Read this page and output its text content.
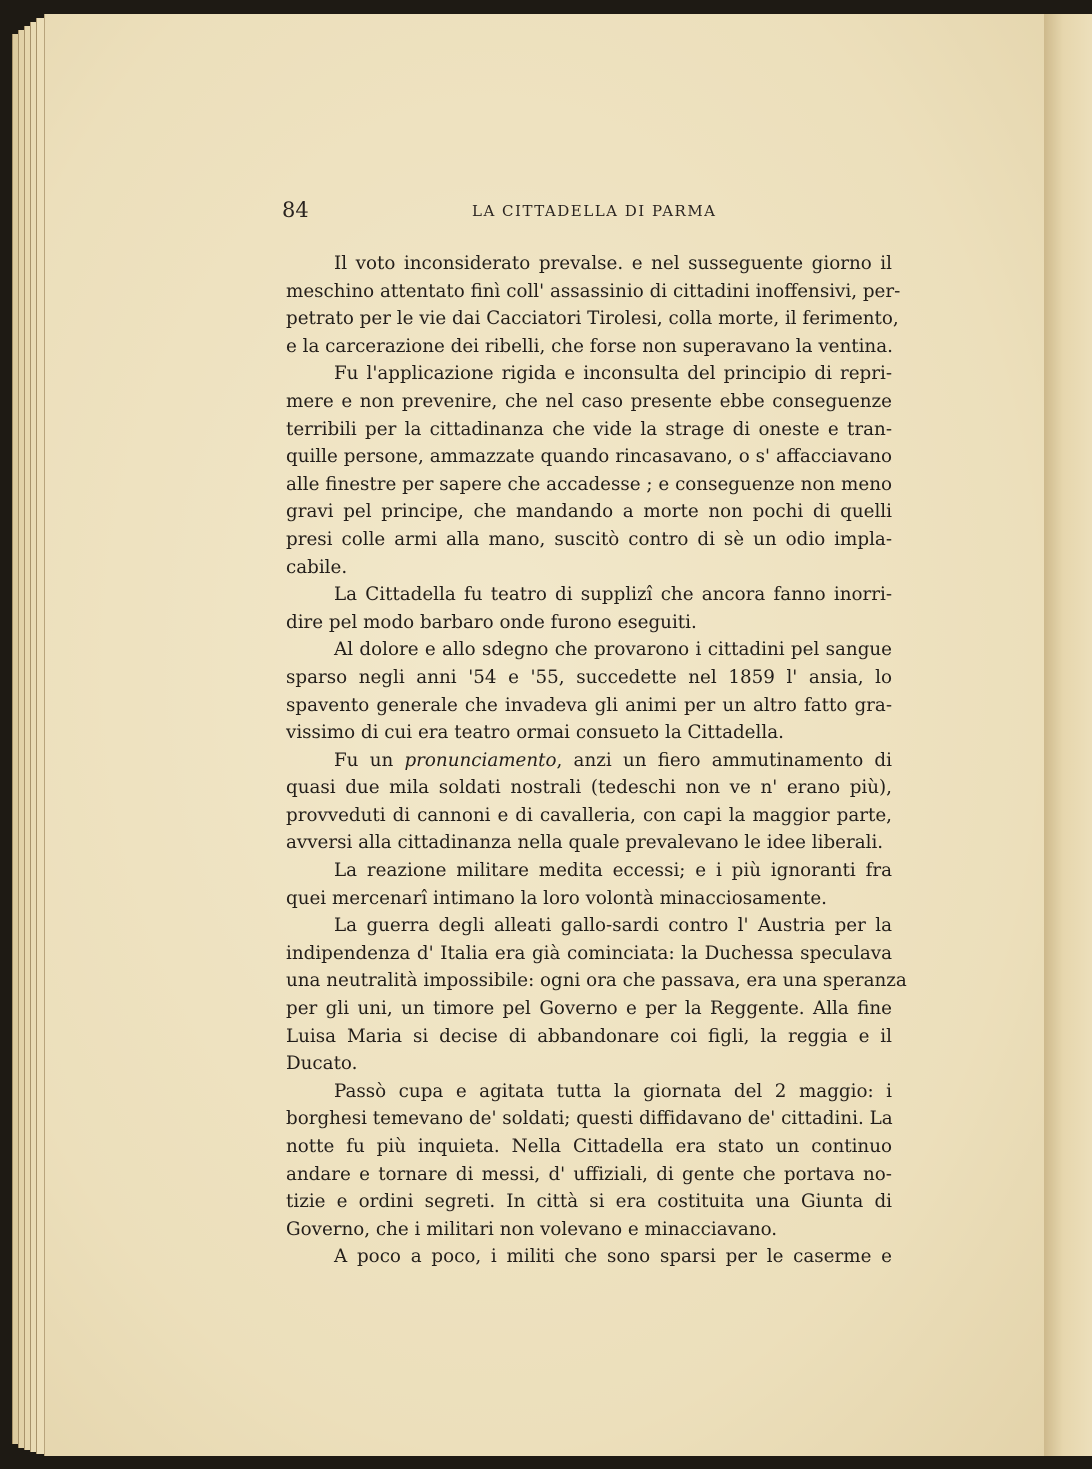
84	LA CITTADELLA DI PARMA
Il voto inconsiderato prevalse. e nel susseguente giorno il
meschino attentato finì coll' assassinio di cittadini inoffensivi, per-
petrato per le vie dai Cacciatori Tirolesi, colla morte, il ferimento,
e la carcerazione dei ribelli, che forse non superavano la ventina.
Fu l'applicazione rigida e inconsulta del principio di repri-
mere e non prevenire, che nel caso presente ebbe conseguenze
terribili per la cittadinanza che vide la strage di oneste e tran-
quille persone, ammazzate quando rincasavano, o s' affacciavano
alle finestre per sapere che accadesse ; e conseguenze non meno
gravi pel principe, che mandando a morte non pochi di quelli
presi colle armi alla mano, suscitò contro di sè un odio impla-
cabile.
La Cittadella fu teatro di supplizî che ancora fanno inorri-
dire pel modo barbaro onde furono eseguiti.
Al dolore e allo sdegno che provarono i cittadini pel sangue
sparso negli anni '54 e '55, succedette nel 1859 l' ansia, lo
spavento generale che invadeva gli animi per un altro fatto gra-
vissimo di cui era teatro ormai consueto la Cittadella.
Fu un pronunciamento, anzi un fiero ammutinamento di
quasi due mila soldati nostrali (tedeschi non ve n' erano più),
provveduti di cannoni e di cavalleria, con capi la maggior parte,
avversi alla cittadinanza nella quale prevalevano le idee liberali.
La reazione militare medita eccessi; e i più ignoranti fra
quei mercenarî intimano la loro volontà minacciosamente.
La guerra degli alleati gallo-sardi contro l' Austria per la
indipendenza d' Italia era già cominciata: la Duchessa speculava
una neutralità impossibile: ogni ora che passava, era una speranza
per gli uni, un timore pel Governo e per la Reggente. Alla fine
Luisa Maria si decise di abbandonare coi figli, la reggia e il
Ducato.
Passò cupa e agitata tutta la giornata del 2 maggio: i
borghesi temevano de' soldati; questi diffidavano de' cittadini. La
notte fu più inquieta. Nella Cittadella era stato un continuo
andare e tornare di messi, d' uffiziali, di gente che portava no-
tizie e ordini segreti. In città si era costituita una Giunta di
Governo, che i militari non volevano e minacciavano.
A poco a poco, i militi che sono sparsi per le caserme e
